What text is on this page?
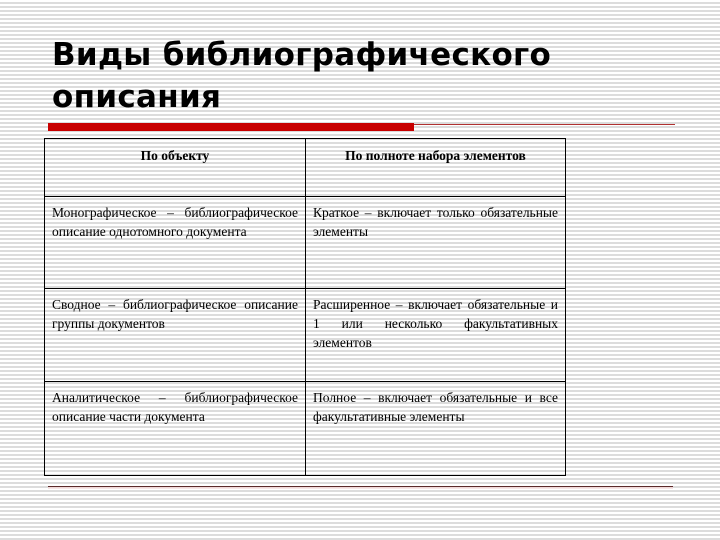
Виды библиографического описания
По объекту	По полноте набора элементов
Монографическое – библиографическое описание однотомного документа	Краткое – включает только обязательные элементы
Сводное – библиографическое описание группы документов	Расширенное – включает обязательные и 1 или несколько факультативных элементов
Аналитическое – библиографическое описание части документа	Полное – включает обязательные и все факультативные элементы
